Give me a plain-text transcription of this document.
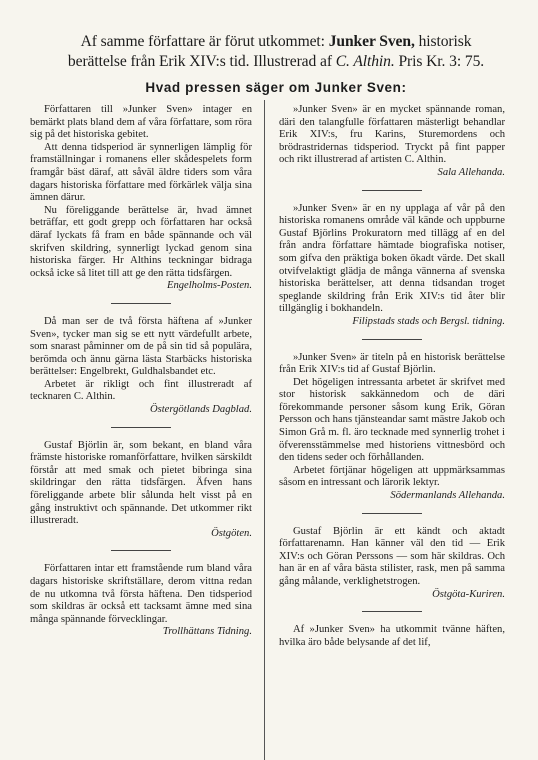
Af samme författare är förut utkommet: Junker Sven, historisk
berättelse från Erik XIV:s tid. Illustrerad af C. Althin. Pris Kr. 3: 75.
Hvad pressen säger om Junker Sven:

Författaren till »Junker Sven» intager en bemärkt plats bland dem af våra författare, som röra sig på det historiska gebitet.

Att denna tidsperiod är synnerligen lämplig för framställningar i romanens eller skådespelets form framgår bäst däraf, att såväl äldre tiders som våra dagars historiska författare med förkärlek välja sina ämnen därur.

Nu föreliggande berättelse är, hvad ämnet beträffar, ett godt grepp och författaren har också däraf lyckats få fram en både spännande och väl skrifven skildring, synnerligt lyckad genom sina historiska färger. Hr Althins teckningar bidraga också icke så litet till att ge den rätta tidsfärgen.

Engelholms-Posten.

Då man ser de två första häftena af »Junker Sven», tycker man sig se ett nytt värdefullt arbete, som snarast påminner om de på sin tid så populära, berömda och ännu gärna lästa Starbäcks historiska berättelser: Engelbrekt, Guldhalsbandet etc.

Arbetet är rikligt och fint illustreradt af tecknaren C. Althin.

Östergötlands Dagblad.

Gustaf Björlin är, som bekant, en bland våra främste historiske romanförfattare, hvilken särskildt förstår att med smak och pietet bibringa sina skildringar den rätta tidsfärgen. Äfven hans föreliggande arbete blir sålunda helt visst på en gång instruktivt och spännande. Det utkommer rikt illustreradt.

Östgöten.

Författaren intar ett framstående rum bland våra dagars historiske skriftställare, derom vittna redan de nu utkomna två första häftena. Den tidsperiod som skildras är också ett tacksamt ämne med sina många spännande förvecklingar.

Trollhättans Tidning.

»Junker Sven» är en mycket spännande roman, däri den talangfulle författaren mästerligt behandlar Erik XIV:s, fru Karins, Sturemordens och brödrastridernas tidsperiod. Tryckt på fint papper och rikt illustrerad af artisten C. Althin.

Sala Allehanda.

»Junker Sven» är en ny upplaga af vår på den historiska romanens område väl kände och uppburne Gustaf Björlins Prokuratorn med tillägg af en del från andra författare hämtade biografiska notiser, som gifva den präktiga boken ökadt värde. Det skall otvifvelaktigt glädja de många vännerna af svenska historiska berättelser, att denna tidsandan troget speglande skildring från Erik XIV:s tid åter blir tillgänglig i bokhandeln.

Filipstads stads och Bergsl. tidning.

»Junker Sven» är titeln på en historisk berättelse från Erik XIV:s tid af Gustaf Björlin.

Det högeligen intressanta arbetet är skrifvet med stor historisk sakkännedom och de däri förekommande personer såsom kung Erik, Göran Persson och hans tjänsteandar samt mästre Jakob och Simon Grå m. fl. äro tecknade med synnerlig trohet i öfverensstämmelse med historiens vittnesbörd och den tidens seder och förhållanden.

Arbetet förtjänar högeligen att uppmärksammas såsom en intressant och lärorik lektyr.

Södermanlands Allehanda.

Gustaf Björlin är ett kändt och aktadt författarenamn. Han känner väl den tid — Erik XIV:s och Göran Perssons — som här skildras. Och han är en af våra bästa stilister, rask, men på samma gång målande, verklighetstrogen.

Östgöta-Kuriren.

Af »Junker Sven» ha utkommit tvänne häften, hvilka äro både belysande af det lif,
